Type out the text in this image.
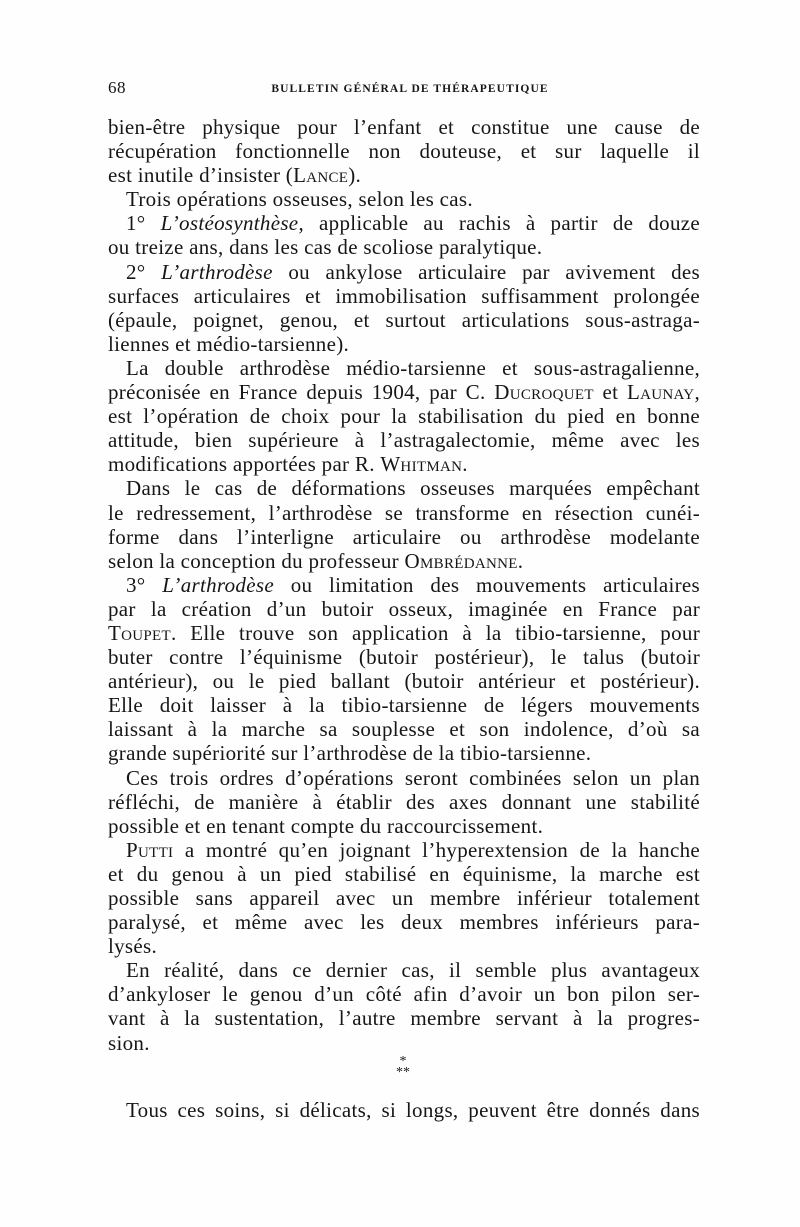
68	BULLETIN GÉNÉRAL DE THÉRAPEUTIQUE
bien-être physique pour l’enfant et constitue une cause de
récupération fonctionnelle non douteuse, et sur laquelle il
est inutile d’insister (Lance).
Trois opérations osseuses, selon les cas.
1° L’ostéosynthèse, applicable au rachis à partir de douze
ou treize ans, dans les cas de scoliose paralytique.
2° L’arthrodèse ou ankylose articulaire par avivement des
surfaces articulaires et immobilisation suffisamment prolongée
(épaule, poignet, genou, et surtout articulations sous-astraga-
liennes et médio-tarsienne).
La double arthrodèse médio-tarsienne et sous-astragalienne,
préconisée en France depuis 1904, par C. Ducroquet et Launay,
est l’opération de choix pour la stabilisation du pied en bonne
attitude, bien supérieure à l’astragalectomie, même avec les
modifications apportées par R. Whitman.
Dans le cas de déformations osseuses marquées empêchant
le redressement, l’arthrodèse se transforme en résection cunéi-
forme dans l’interligne articulaire ou arthrodèse modelante
selon la conception du professeur Ombrédanne.
3° L’arthrodèse ou limitation des mouvements articulaires
par la création d’un butoir osseux, imaginée en France par
Toupet. Elle trouve son application à la tibio-tarsienne, pour
buter contre l’équinisme (butoir postérieur), le talus (butoir
antérieur), ou le pied ballant (butoir antérieur et postérieur).
Elle doit laisser à la tibio-tarsienne de légers mouvements
laissant à la marche sa souplesse et son indolence, d’où sa
grande supériorité sur l’arthrodèse de la tibio-tarsienne.
Ces trois ordres d’opérations seront combinées selon un plan
réfléchi, de manière à établir des axes donnant une stabilité
possible et en tenant compte du raccourcissement.
Putti a montré qu’en joignant l’hyperextension de la hanche
et du genou à un pied stabilisé en équinisme, la marche est
possible sans appareil avec un membre inférieur totalement
paralysé, et même avec les deux membres inférieurs para-
lysés.
En réalité, dans ce dernier cas, il semble plus avantageux
d’ankyloser le genou d’un côté afin d’avoir un bon pilon ser-
vant à la sustentation, l’autre membre servant à la progres-
sion.
*
**
Tous ces soins, si délicats, si longs, peuvent être donnés dans
